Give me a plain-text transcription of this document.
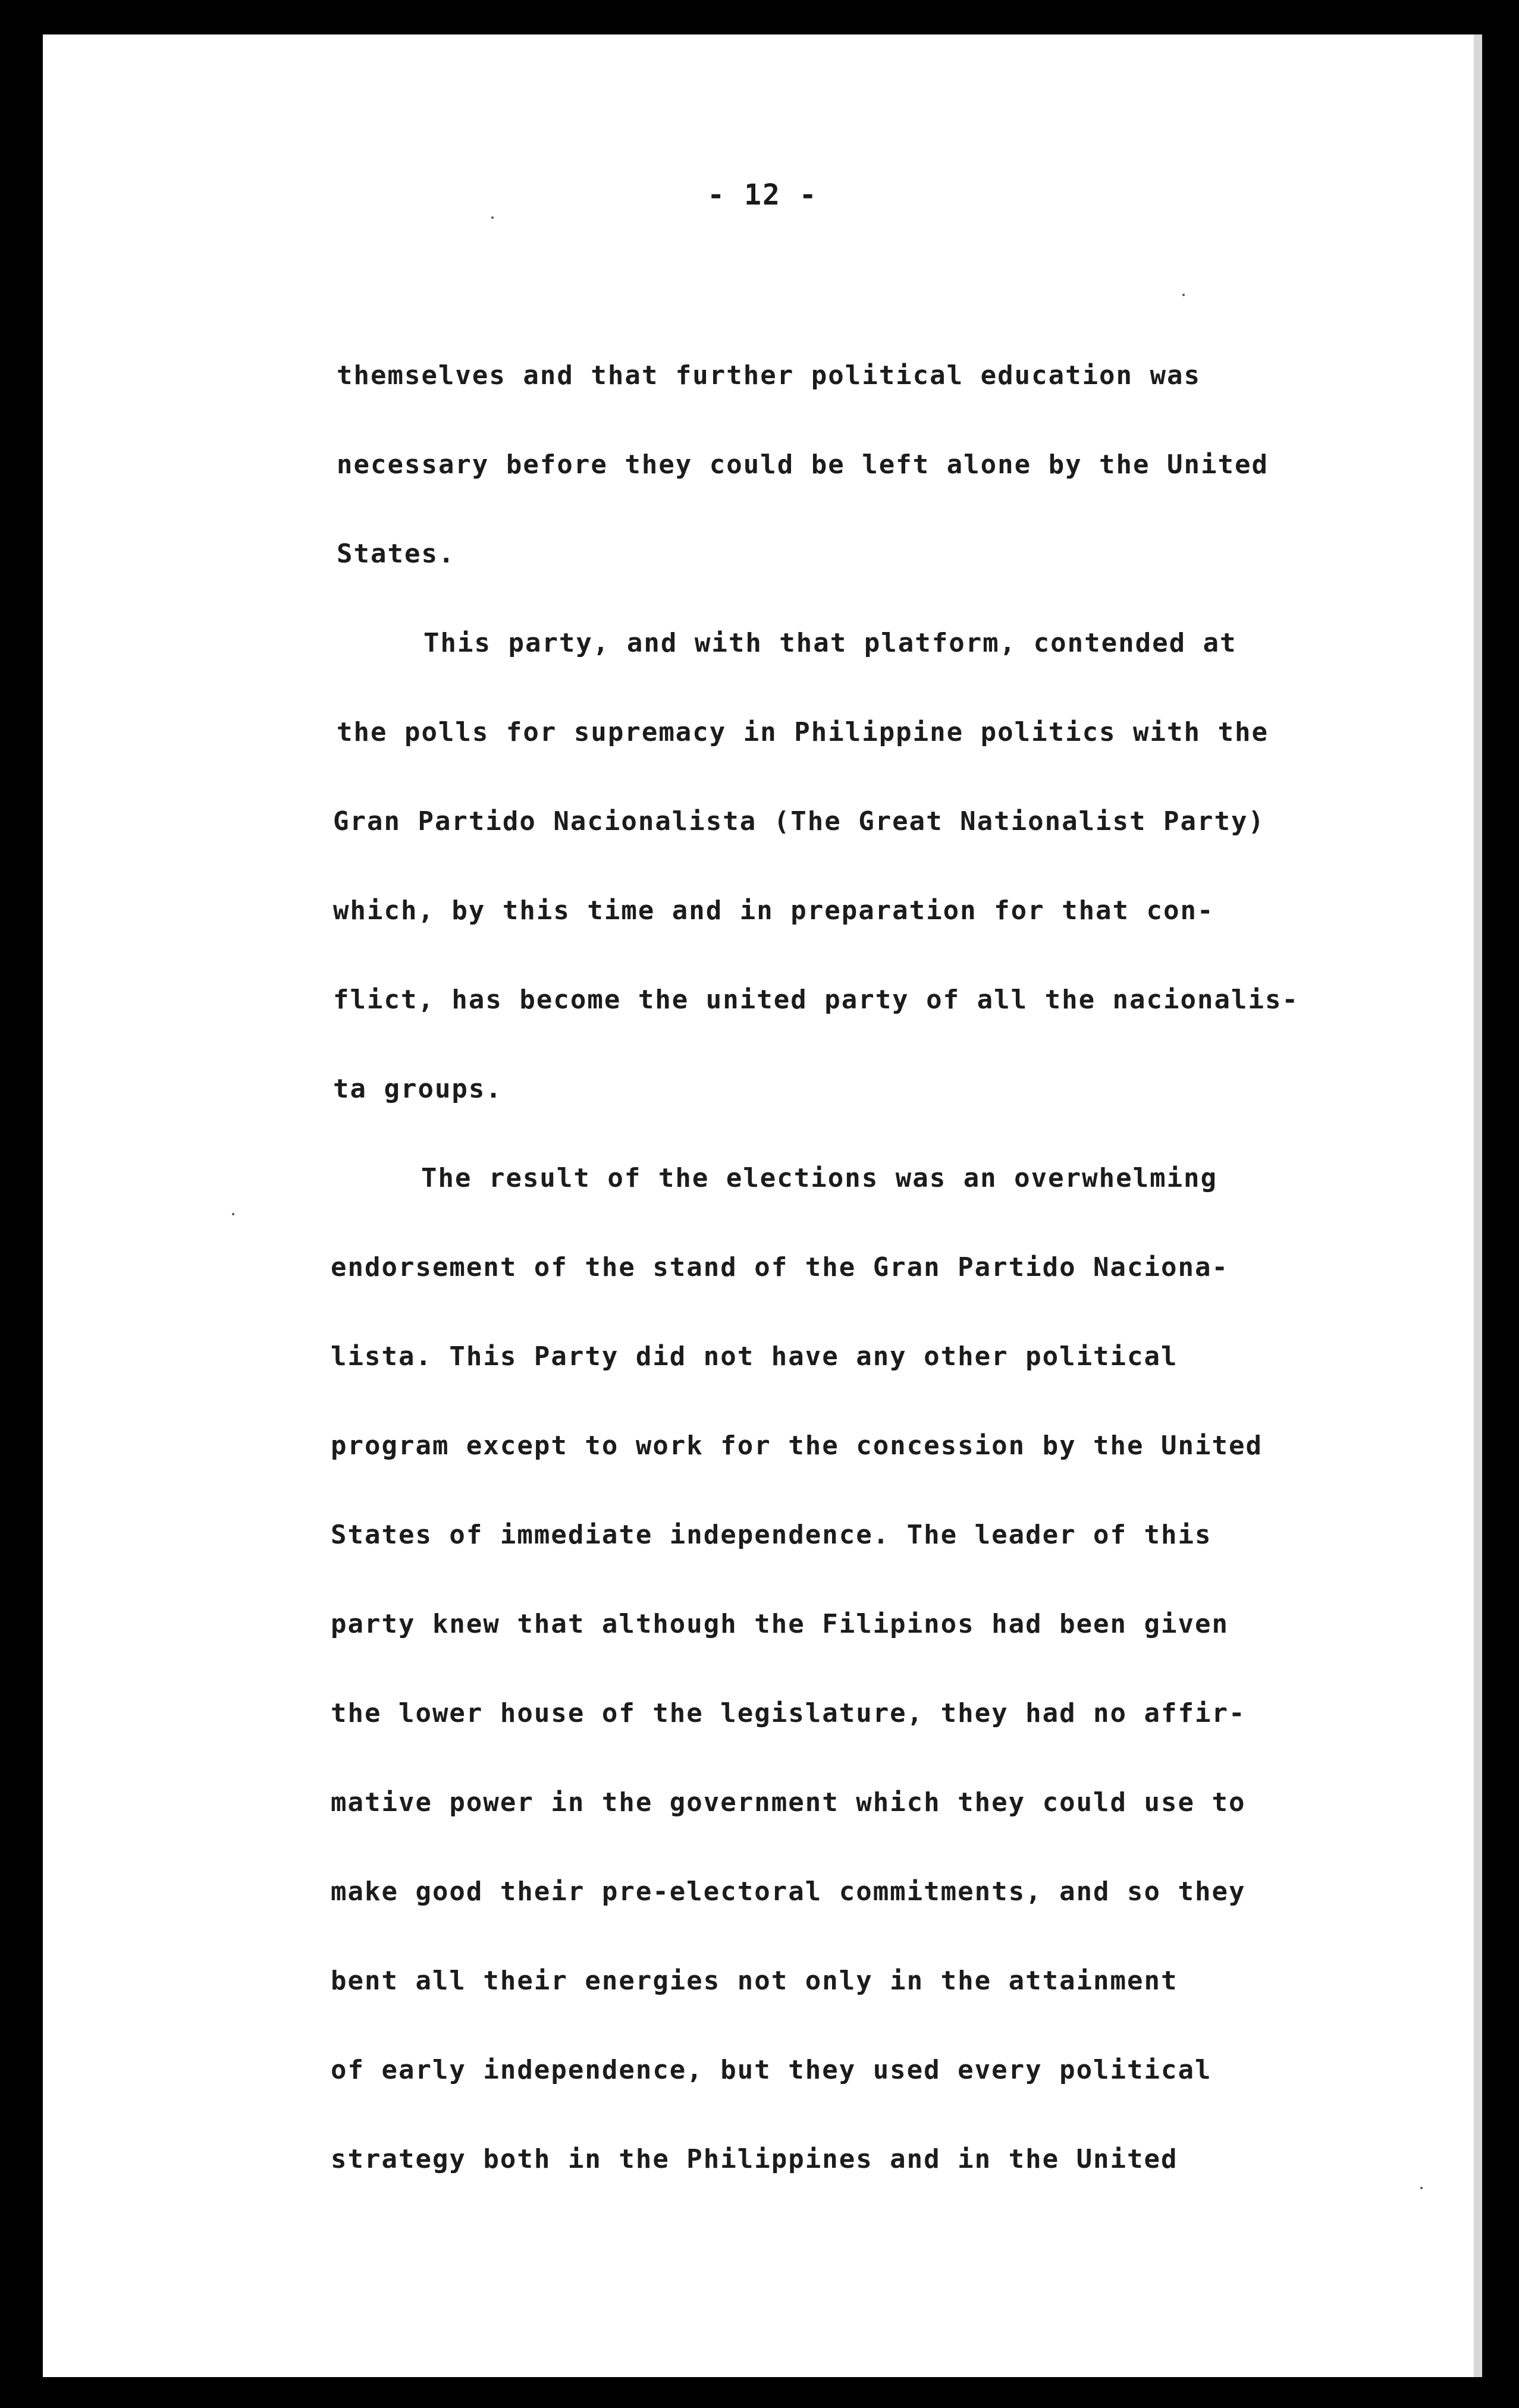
- 12 -

themselves and that further political education was

necessary before they could be left alone by the United

States.

This party, and with that platform, contended at

the polls for supremacy in Philippine politics with the

Gran Partido Nacionalista (The Great Nationalist Party)

which, by this time and in preparation for that con-

flict, has become the united party of all the nacionalis-

ta groups.

The result of the elections was an overwhelming

endorsement of the stand of the Gran Partido Naciona-

lista. This Party did not have any other political

program except to work for the concession by the United

States of immediate independence. The leader of this

party knew that although the Filipinos had been given

the lower house of the legislature, they had no affir-

mative power in the government which they could use to

make good their pre-electoral commitments, and so they

bent all their energies not only in the attainment

of early independence, but they used every political

strategy both in the Philippines and in the United
